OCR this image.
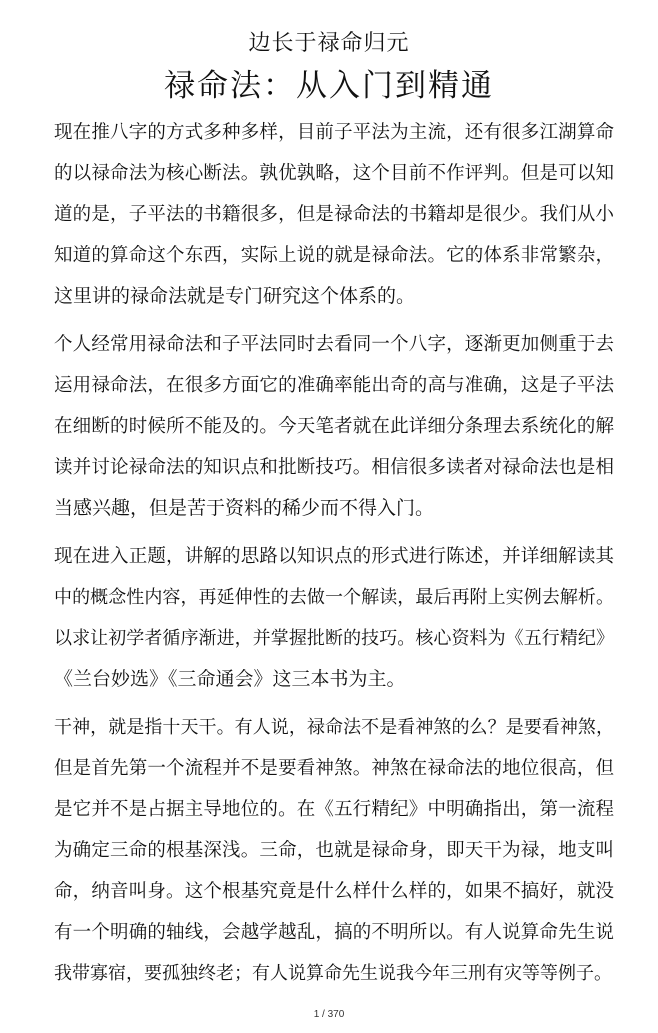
边长于禄命归元
禄命法：从入门到精通
现在推八字的方式多种多样，目前子平法为主流，还有很多江湖算命
的以禄命法为核心断法。孰优孰略，这个目前不作评判。但是可以知
道的是，子平法的书籍很多，但是禄命法的书籍却是很少。我们从小
知道的算命这个东西，实际上说的就是禄命法。它的体系非常繁杂，
这里讲的禄命法就是专门研究这个体系的。
个人经常用禄命法和子平法同时去看同一个八字，逐渐更加侧重于去
运用禄命法，在很多方面它的准确率能出奇的高与准确，这是子平法
在细断的时候所不能及的。今天笔者就在此详细分条理去系统化的解
读并讨论禄命法的知识点和批断技巧。相信很多读者对禄命法也是相
当感兴趣，但是苦于资料的稀少而不得入门。
现在进入正题，讲解的思路以知识点的形式进行陈述，并详细解读其
中的概念性内容，再延伸性的去做一个解读，最后再附上实例去解析。
以求让初学者循序渐进，并掌握批断的技巧。核心资料为《五行精纪》
《兰台妙选》《三命通会》这三本书为主。
干神，就是指十天干。有人说，禄命法不是看神煞的么？是要看神煞，
但是首先第一个流程并不是要看神煞。神煞在禄命法的地位很高，但
是它并不是占据主导地位的。在《五行精纪》中明确指出，第一流程
为确定三命的根基深浅。三命，也就是禄命身，即天干为禄，地支叫
命，纳音叫身。这个根基究竟是什么样什么样的，如果不搞好，就没
有一个明确的轴线，会越学越乱，搞的不明所以。有人说算命先生说
我带寡宿，要孤独终老；有人说算命先生说我今年三刑有灾等等例子。
1 / 370
